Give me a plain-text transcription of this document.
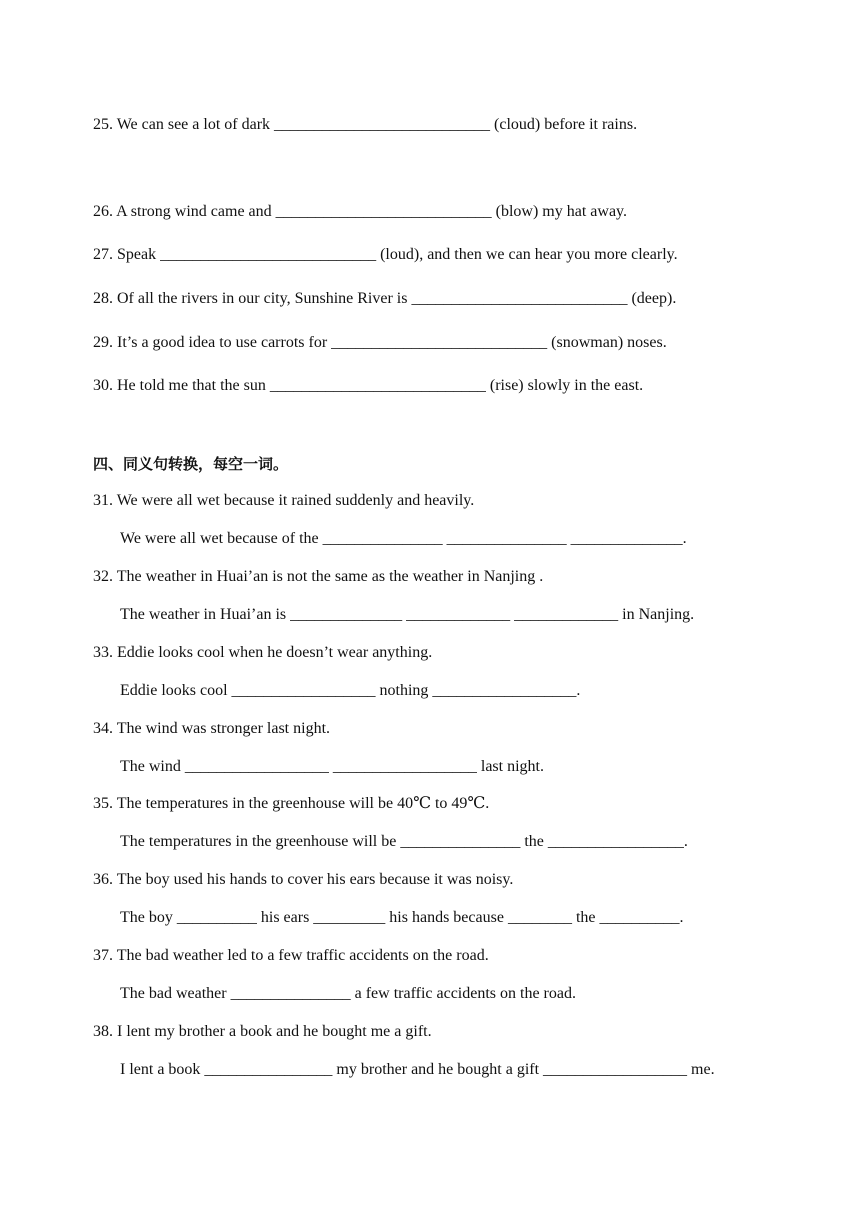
25. We can see a lot of dark ___________________________ (cloud) before it rains.
26. A strong wind came and ___________________________ (blow) my hat away.
27. Speak ___________________________ (loud), and then we can hear you more clearly.
28. Of all the rivers in our city, Sunshine River is ___________________________ (deep).
29. It’s a good idea to use carrots for ___________________________ (snowman) noses.
30. He told me that the sun ___________________________ (rise) slowly in the east.
四、同义句转换，每空一词。
31. We were all wet because it rained suddenly and heavily.
We were all wet because of the _______________ _______________ ______________.
32. The weather in Huai’an is not the same as the weather in Nanjing .
The weather in Huai’an is ______________ _____________ _____________ in Nanjing.
33. Eddie looks cool when he doesn’t wear anything.
Eddie looks cool __________________ nothing __________________.
34. The wind was stronger last night.
The wind __________________ __________________ last night.
35. The temperatures in the greenhouse will be 40℃ to 49℃.
The temperatures in the greenhouse will be _______________ the _________________.
36. The boy used his hands to cover his ears because it was noisy.
The boy __________ his ears _________ his hands because ________ the __________.
37. The bad weather led to a few traffic accidents on the road.
The bad weather _______________ a few traffic accidents on the road.
38. I lent my brother a book and he bought me a gift.
I lent a book ________________ my brother and he bought a gift __________________ me.
